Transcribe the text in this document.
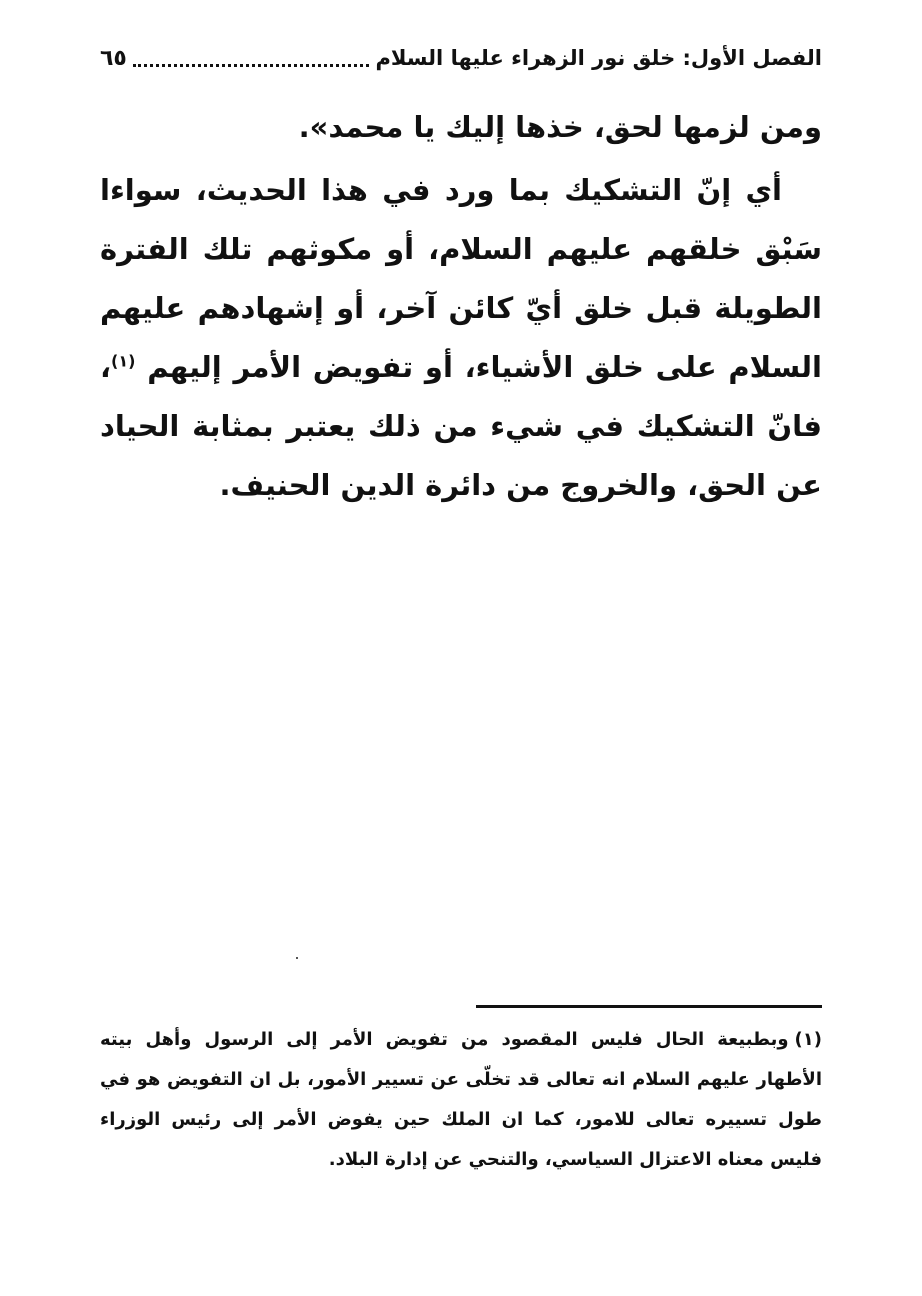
الفصل الأول: خلق نور الزهراء عليها السلام
٦٥

ومن لزمها لحق، خذها إليك يا محمد».

أي إنّ التشكيك بما ورد في هذا الحديث، سواءا سَبْق خلقهم عليهم السلام، أو مكوثهم تلك الفترة الطويلة قبل خلق أيّ كائن آخر، أو إشهادهم عليهم السلام على خلق الأشياء، أو تفويض الأمر إليهم $^{(١)}$، فانّ التشكيك في شيء من ذلك يعتبر بمثابة الحياد عن الحق، والخروج من دائرة الدين الحنيف.

(١)وبطبيعة الحال فليس المقصود من تفويض الأمر إلى الرسول وأهل بيته الأطهار عليهم السلام انه تعالى قد تخلّى عن تسيير الأمور، بل ان التفويض هو في طول تسييره تعالى للامور، كما ان الملك حين يفوض الأمر إلى رئيس الوزراء فليس معناه الاعتزال السياسي، والتنحي عن إدارة البلاد.
